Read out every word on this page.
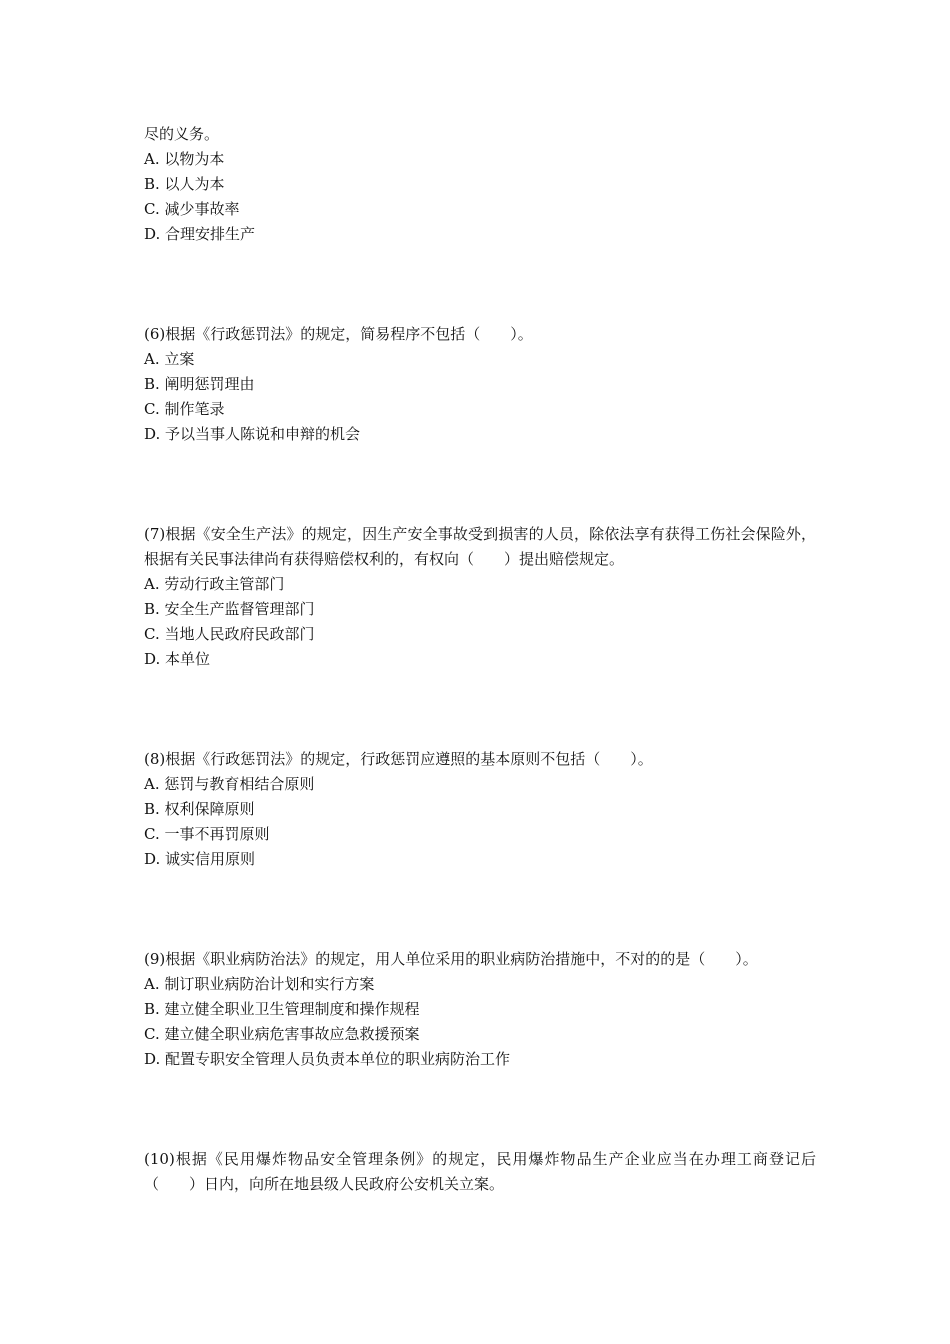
尽的义务。
A. 以物为本
B. 以人为本
C. 减少事故率
D. 合理安排生产
(6)根据《行政惩罚法》的规定，简易程序不包括（　　）。
A. 立案
B. 阐明惩罚理由
C. 制作笔录
D. 予以当事人陈说和申辩的机会
(7)根据《安全生产法》的规定，因生产安全事故受到损害的人员，除依法享有获得工伤社会保险外，根据有关民事法律尚有获得赔偿权利的，有权向（　　）提出赔偿规定。
A. 劳动行政主管部门
B. 安全生产监督管理部门
C. 当地人民政府民政部门
D. 本单位
(8)根据《行政惩罚法》的规定，行政惩罚应遵照的基本原则不包括（　　）。
A. 惩罚与教育相结合原则
B. 权利保障原则
C. 一事不再罚原则
D. 诚实信用原则
(9)根据《职业病防治法》的规定，用人单位采用的职业病防治措施中，不对的的是（　　）。
A. 制订职业病防治计划和实行方案
B. 建立健全职业卫生管理制度和操作规程
C. 建立健全职业病危害事故应急救援预案
D. 配置专职安全管理人员负责本单位的职业病防治工作
(10)根据《民用爆炸物品安全管理条例》的规定，民用爆炸物品生产企业应当在办理工商登记后（　　）日内，向所在地县级人民政府公安机关立案。
